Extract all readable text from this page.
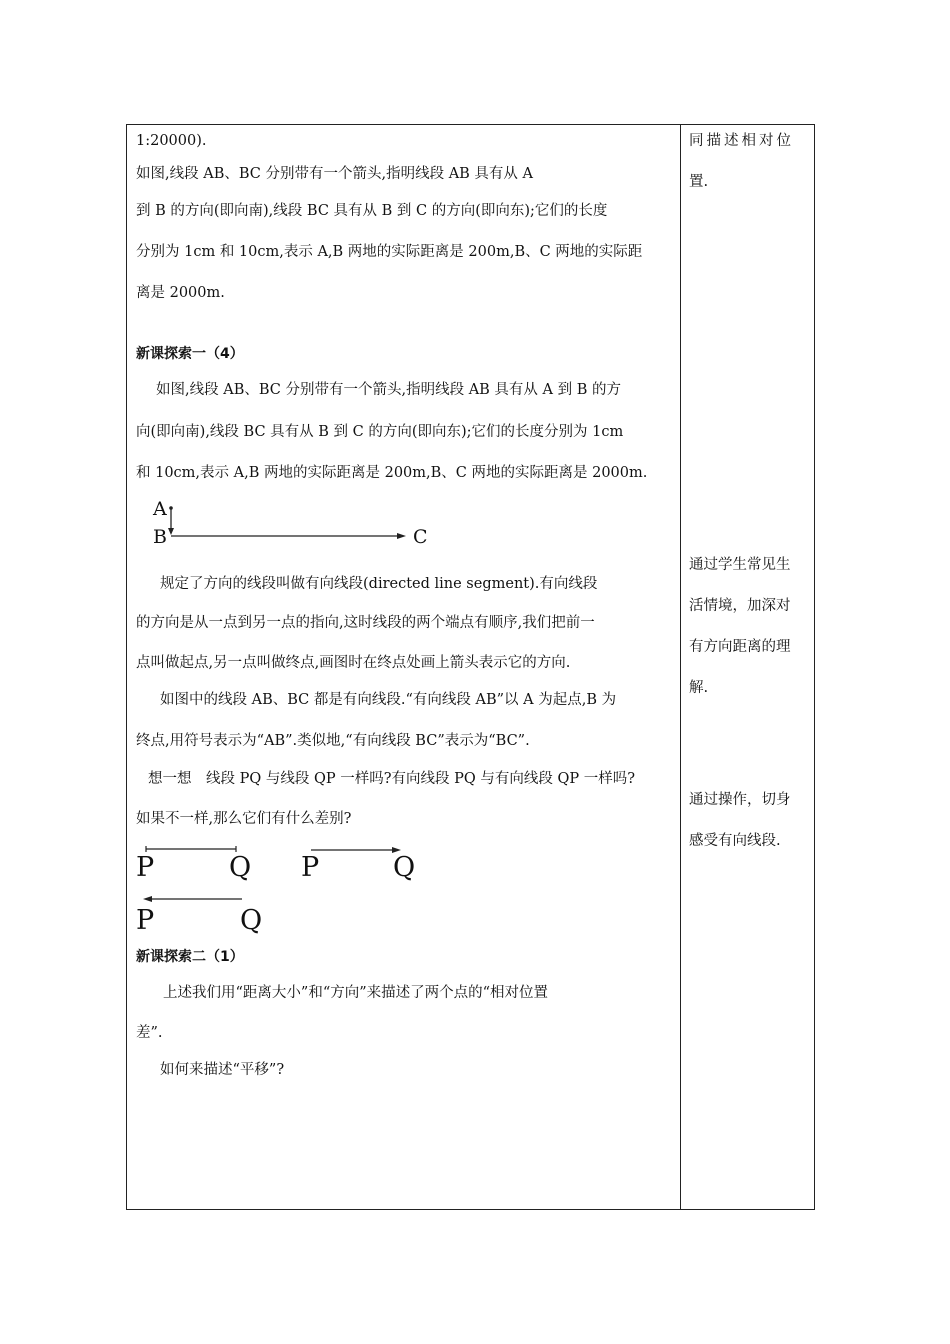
1:20000).
如图,线段 AB、BC 分别带有一个箭头,指明线段 AB 具有从 A
到 B 的方向(即向南),线段 BC 具有从 B 到 C 的方向(即向东);它们的长度
分别为 1cm 和 10cm,表示 A,B 两地的实际距离是 200m,B、C 两地的实际距
离是 2000m.
新课探索一（4）
如图,线段 AB、BC 分别带有一个箭头,指明线段 AB 具有从 A 到 B 的方
向(即向南),线段 BC 具有从 B 到 C 的方向(即向东);它们的长度分别为 1cm
和 10cm,表示 A,B 两地的实际距离是 200m,B、C 两地的实际距离是 2000m.
A
B	C
规定了方向的线段叫做有向线段(directed line segment).有向线段
的方向是从一点到另一点的指向,这时线段的两个端点有顺序,我们把前一
点叫做起点,另一点叫做终点,画图时在终点处画上箭头表示它的方向.
如图中的线段 AB、BC 都是有向线段.“有向线段 AB”以 A 为起点,B 为
终点,用符号表示为“AB”.类似地,“有向线段 BC”表示为“BC”.
想一想　线段 PQ 与线段 QP 一样吗?有向线段 PQ 与有向线段 QP 一样吗?
如果不一样,那么它们有什么差别?
P	Q P	Q
P	Q
新课探索二（1）
上述我们用“距离大小”和“方向”来描述了两个点的“相对位置
差”.
如何来描述“平移”?
同描述相对位
置.
通过学生常见生
活情境，加深对
有方向距离的理
解.
通过操作，切身
感受有向线段.
